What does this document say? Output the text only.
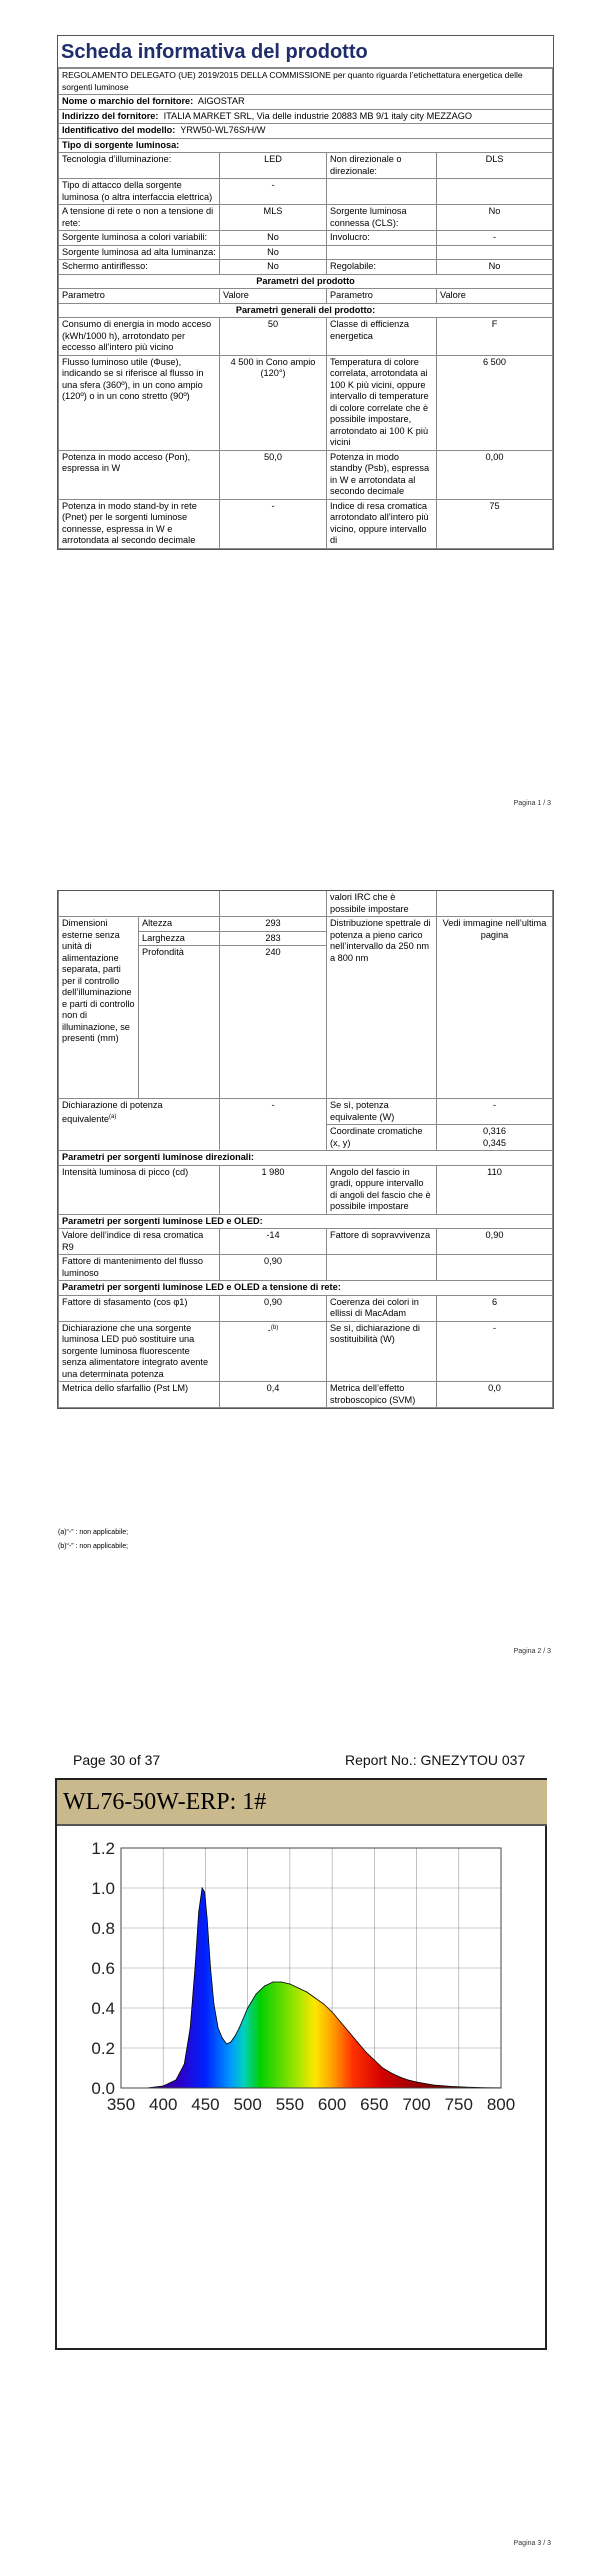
Scheda informativa del prodotto
REGOLAMENTO DELEGATO (UE) 2019/2015 DELLA COMMISSIONE per quanto riguarda l’etichettatura energetica delle sorgenti luminose			
Nome o marchio del fornitore: AIGOSTAR			
Indirizzo del fornitore: ITALIA MARKET SRL, Via delle industrie 20883 MB 9/1 italy city MEZZAGO			
Identificativo del modello: YRW50-WL76S/H/W			
Tipo di sorgente luminosa:			
Tecnologia d’illuminazione:	LED	Non direzionale o direzionale:	DLS
Tipo di attacco della sorgente luminosa (o altra interfaccia elettrica)	-		
A tensione di rete o non a tensione di rete:	MLS	Sorgente luminosa connessa (CLS):	No
Sorgente luminosa a colori variabili:	No	Involucro:	-
Sorgente luminosa ad alta luminanza:	No		
Schermo antiriflesso:	No	Regolabile:	No
Parametri del prodotto			
Parametro	Valore	Parametro	Valore
Parametri generali del prodotto:			
Consumo di energia in modo acceso (kWh/1000 h), arrotondato per eccesso all’intero più vicino	50	Classe di efficienza energetica	F
Flusso luminoso utile (Φuse), indicando se si riferisce al flusso in una sfera (360º), in un cono ampio (120º) o in un cono stretto (90º)	4 500 in Cono ampio (120°)	Temperatura di colore correlata, arrotondata ai 100 K più vicini, oppure intervallo di temperature di colore correlate che è possibile impostare, arrotondato ai 100 K più vicini	6 500
Potenza in modo acceso (Pon), espressa in W	50,0	Potenza in modo standby (Psb), espressa in W e arrotondata al secondo decimale	0,00
Potenza in modo stand-by in rete (Pnet) per le sorgenti luminose connesse, espressa in W e arrotondata al secondo decimale	-	Indice di resa cromatica arrotondato all’intero più vicino, oppure intervallo di	75
Pagina 1 / 3
			valori IRC che è possibile impostare	
Dimensioni esterne senza unità di alimentazione separata, parti per il controllo dell’illuminazione e parti di controllo non di illuminazione, se presenti (mm)	Altezza	293	Distribuzione spettrale di potenza a pieno carico nell’intervallo da 250 nm a 800 nm	Vedi immagine nell’ultima pagina
	Larghezza	283		
	Profondità	240		
Dichiarazione di potenza equivalente$^{(a)}$		-	Se sì, potenza equivalente (W)	-
			Coordinate cromatiche (x, y)	0,316
0,345

Parametri per sorgenti luminose direzionali:				
Intensità luminosa di picco (cd)		1 980	Angolo del fascio in gradi, oppure intervallo di angoli del fascio che è possibile impostare	110
Parametri per sorgenti luminose LED e OLED:				
Valore dell’indice di resa cromatica R9		-14	Fattore di sopravvivenza	0,90
Fattore di mantenimento del flusso luminoso		0,90		
Parametri per sorgenti luminose LED e OLED a tensione di rete:				
Fattore di sfasamento (cos φ1)		0,90	Coerenza dei colori in ellissi di MacAdam	6
Dichiarazione che una sorgente luminosa LED può sostituire una sorgente luminosa fluorescente senza alimentatore integrato avente una determinata potenza		-$^{(b)}$	Se sì, dichiarazione di sostituibilità (W)	-
Metrica dello sfarfallio (Pst LM)		0,4	Metrica dell’effetto stroboscopico (SVM)	0,0
(a)“-” : non applicabile;
(b)“-” : non applicabile;
Pagina 2 / 3
Page 30 of 37	Report No.: GNEZYTOU 037
WL76-50W-ERP: 1#
350 400 450 500 550 600 650 700 750 800
0.0
0.2
0.4
0.6
0.8
1.0
1.2
Pagina 3 / 3
